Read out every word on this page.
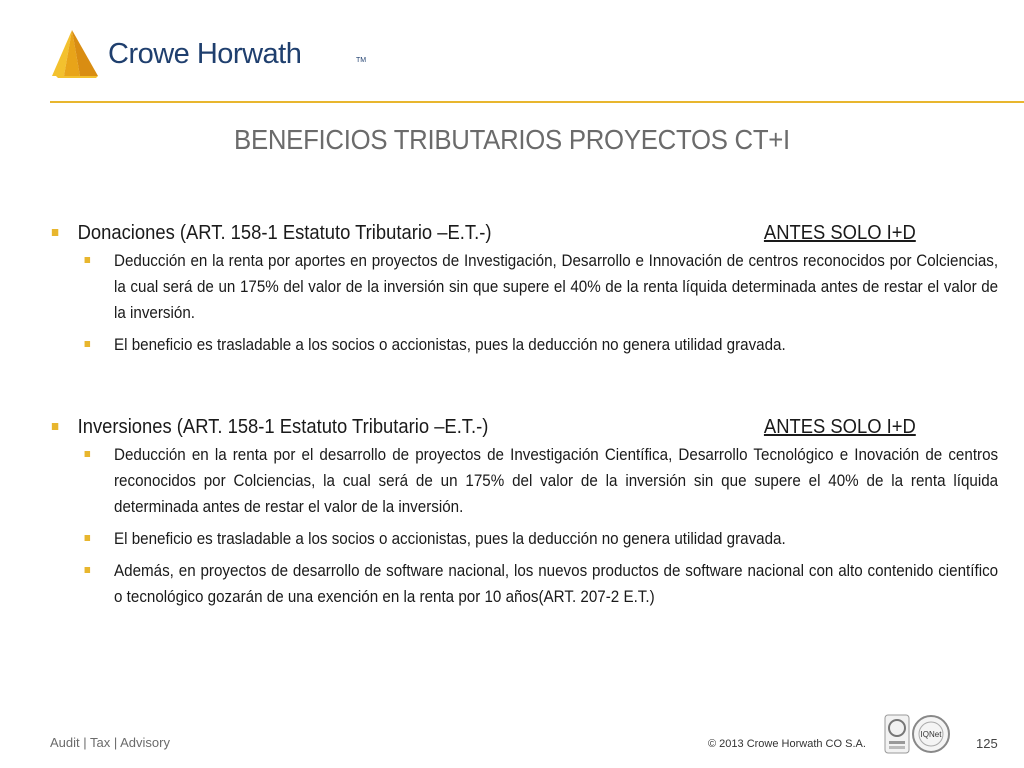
Crowe Horwath	TM
BENEFICIOS TRIBUTARIOS PROYECTOS CT+I
Donaciones (ART. 158-1 Estatuto Tributario –E.T.-)	ANTES SOLO I+D
Deducción en la renta por aportes en proyectos de Investigación, Desarrollo e Innovación de centros reconocidos por Colciencias, la cual será de un 175% del valor de la inversión sin que supere el 40% de la renta líquida determinada antes de restar el valor de la inversión.
El beneficio es trasladable a los socios o accionistas, pues la deducción no genera utilidad gravada.
Inversiones (ART. 158-1 Estatuto Tributario –E.T.-)	ANTES SOLO I+D
Deducción en la renta por el desarrollo de proyectos de Investigación Científica, Desarrollo Tecnológico e Inovación de centros reconocidos por Colciencias, la cual será de un 175% del valor de la inversión sin que supere el 40% de la renta líquida determinada antes de restar el valor de la inversión.
El beneficio es trasladable a los socios o accionistas, pues la deducción no genera utilidad gravada.
Además, en proyectos de desarrollo de software nacional, los nuevos productos de software nacional con alto contenido científico o tecnológico gozarán de una exención en la renta por 10 años(ART. 207-2 E.T.)
Audit | Tax | Advisory	© 2013 Crowe Horwath CO S.A.
IQNet
125
